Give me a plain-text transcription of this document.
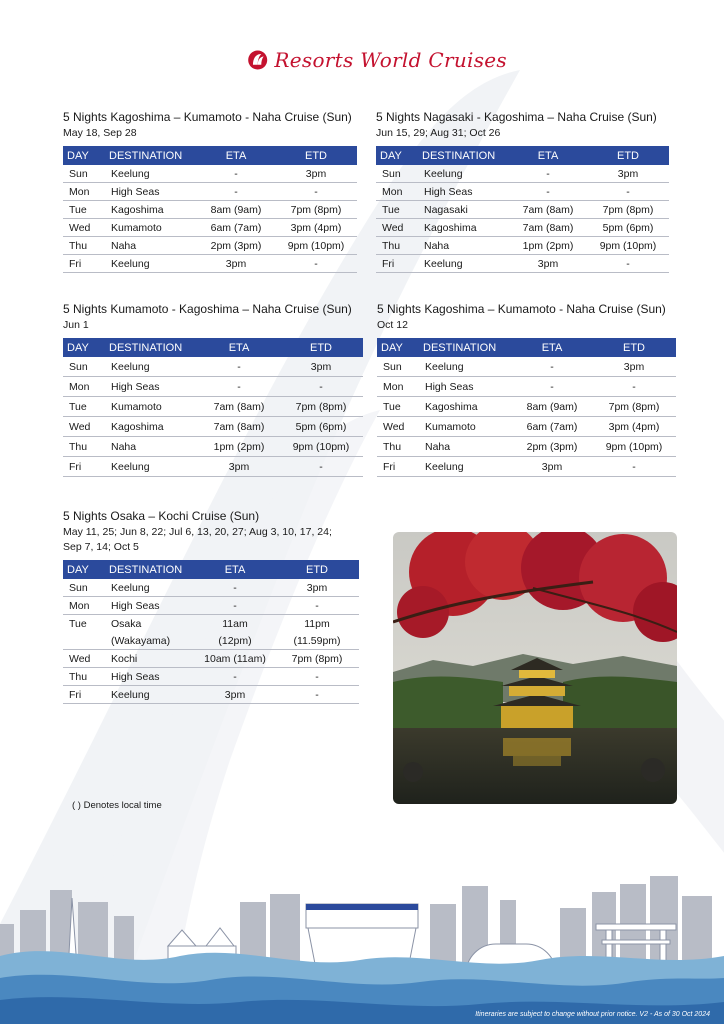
Resorts World Cruises
5 Nights Kagoshima – Kumamoto - Naha Cruise (Sun)
May 18, Sep 28
DAY	DESTINATION	ETA	ETD
Sun	Keelung	-	3pm
Mon	High Seas	-	-
Tue	Kagoshima	8am (9am)	7pm (8pm)
Wed	Kumamoto	6am (7am)	3pm (4pm)
Thu	Naha	2pm (3pm)	9pm (10pm)
Fri	Keelung	3pm	-
5 Nights Nagasaki - Kagoshima – Naha Cruise (Sun)
Jun 15, 29; Aug 31; Oct 26
DAY	DESTINATION	ETA	ETD
Sun	Keelung	-	3pm
Mon	High Seas	-	-
Tue	Nagasaki	7am (8am)	7pm (8pm)
Wed	Kagoshima	7am (8am)	5pm (6pm)
Thu	Naha	1pm (2pm)	9pm (10pm)
Fri	Keelung	3pm	-
5 Nights Kumamoto - Kagoshima – Naha Cruise (Sun)
Jun 1
DAY	DESTINATION	ETA	ETD
Sun	Keelung	-	3pm
Mon	High Seas	-	-
Tue	Kumamoto	7am (8am)	7pm (8pm)
Wed	Kagoshima	7am (8am)	5pm (6pm)
Thu	Naha	1pm (2pm)	9pm (10pm)
Fri	Keelung	3pm	-
5 Nights Kagoshima – Kumamoto - Naha Cruise (Sun)
Oct 12
DAY	DESTINATION	ETA	ETD
Sun	Keelung	-	3pm
Mon	High Seas	-	-
Tue	Kagoshima	8am (9am)	7pm (8pm)
Wed	Kumamoto	6am (7am)	3pm (4pm)
Thu	Naha	2pm (3pm)	9pm (10pm)
Fri	Keelung	3pm	-
5 Nights Osaka – Kochi Cruise (Sun)
May 11, 25; Jun 8, 22; Jul 6, 13, 20, 27; Aug 3, 10, 17, 24;
Sep 7, 14; Oct 5
DAY	DESTINATION	ETA	ETD
Sun	Keelung	-	3pm
Mon	High Seas	-	-
Tue	Osaka	11am	11pm
	(Wakayama)	(12pm)	(11.59pm)
Wed	Kochi	10am (11am)	7pm (8pm)
Thu	High Seas	-	-
Fri	Keelung	3pm	-
( ) Denotes local time
Itineraries are subject to change without prior notice. V2 - As of 30 Oct 2024
